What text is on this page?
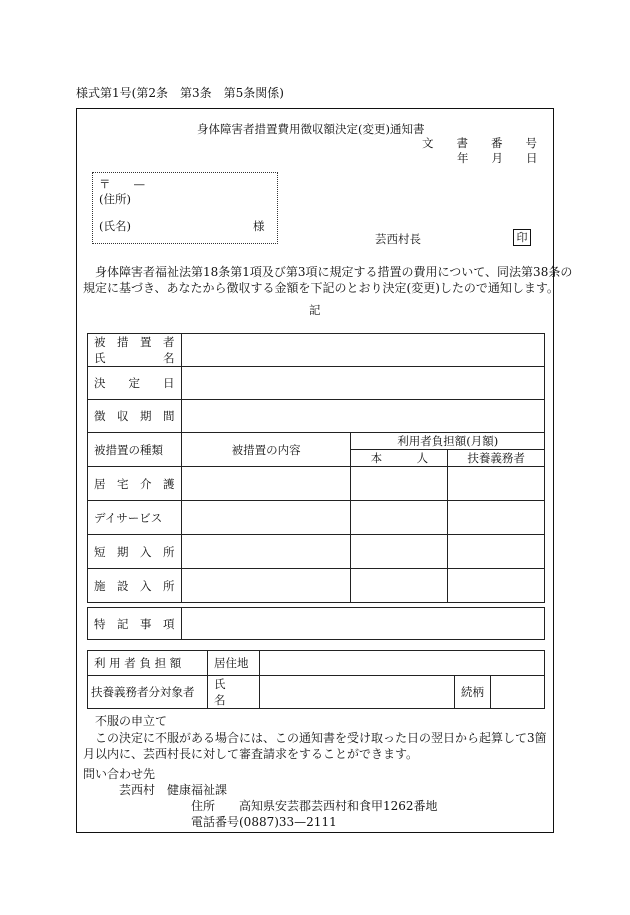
様式第1号(第2条　第3条　第5条関係)
身体障害者措置費用徴収額決定(変更)通知書
文　　書　　番　　号
年　　月　　日
〒　　—
(住所)
(氏名)	様
芸西村長	印
　身体障害者福祉法第18条第1項及び第3項に規定する措置の費用について、同法第38条の
規定に基づき、あなたから徴収する金額を下記のとおり決定(変更)したので通知します。
記
被　措　置　者
氏　　　　　名			

決　　定　　日			
徴　収　期　間			
被措置の種類	被措置の内容	利用者負担額(月額)	
		本　　　人	扶養義務者
居　宅　介　護			
デイサービス			
短　期　入　所			
施　設　入　所			
特　記　事　項	
利 用 者 負 担 額	居住地			
扶養義務者分対象者	氏　　名		続柄	
不服の申立て
　この決定に不服がある場合には、この通知書を受け取った日の翌日から起算して3箇
月以内に、芸西村長に対して審査請求をすることができます。
問い合わせ先
芸西村　健康福祉課
住所　　高知県安芸郡芸西村和食甲1262番地
電話番号(0887)33—2111
